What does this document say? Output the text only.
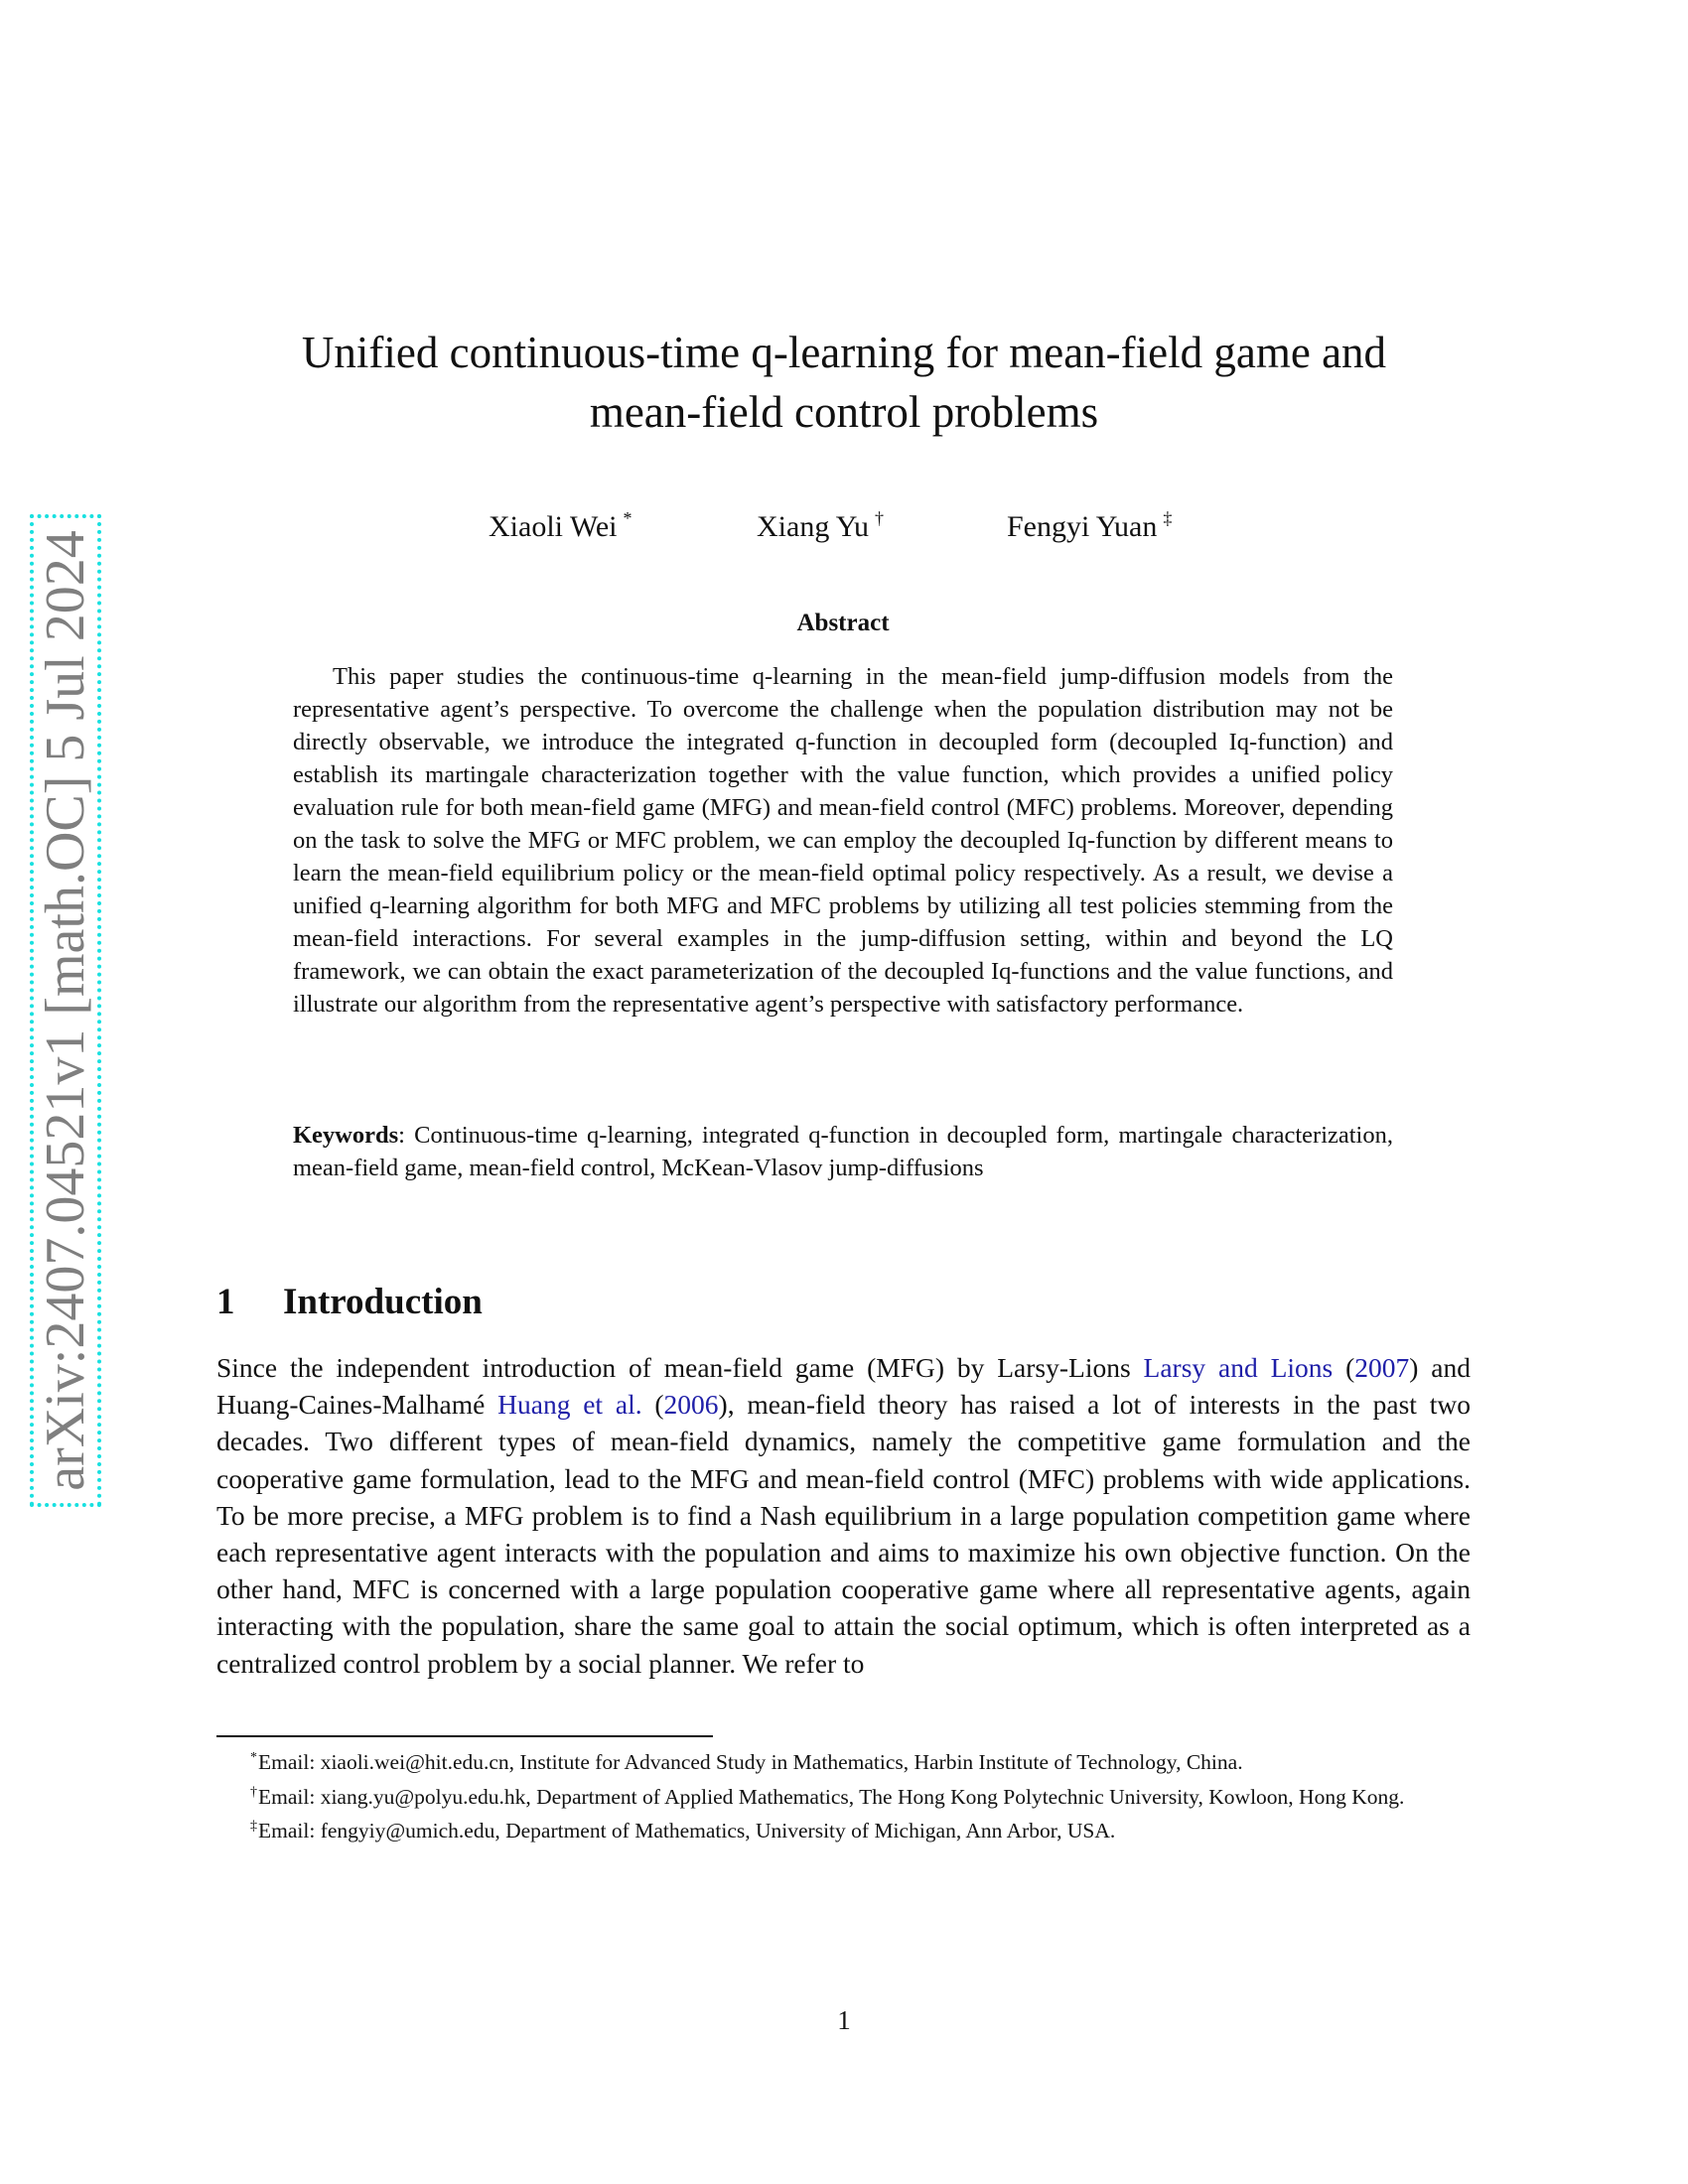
arXiv:2407.04521v1 [math.OC] 5 Jul 2024
Unified continuous-time q-learning for mean-field game and mean-field control problems
Xiaoli Wei *	Xiang Yu †	Fengyi Yuan ‡
Abstract

This paper studies the continuous-time q-learning in the mean-field jump-diffusion models from the representative agent’s perspective. To overcome the challenge when the population distribution may not be directly observable, we introduce the integrated q-function in decoupled form (decoupled Iq-function) and establish its martingale characterization together with the value function, which provides a unified policy evaluation rule for both mean-field game (MFG) and mean-field control (MFC) problems. Moreover, depending on the task to solve the MFG or MFC problem, we can employ the decoupled Iq-function by different means to learn the mean-field equilibrium policy or the mean-field optimal policy respectively. As a result, we devise a unified q-learning algorithm for both MFG and MFC problems by utilizing all test policies stemming from the mean-field interactions. For several examples in the jump-diffusion setting, within and beyond the LQ framework, we can obtain the exact parameterization of the decoupled Iq-functions and the value functions, and illustrate our algorithm from the representative agent’s perspective with satisfactory performance.

Keywords: Continuous-time q-learning, integrated q-function in decoupled form, martingale characterization, mean-field game, mean-field control, McKean-Vlasov jump-diffusions

1 Introduction

Since the independent introduction of mean-field game (MFG) by Larsy-Lions Larsy and Lions (2007) and Huang-Caines-Malhamé Huang et al. (2006), mean-field theory has raised a lot of interests in the past two decades. Two different types of mean-field dynamics, namely the competitive game formulation and the cooperative game formulation, lead to the MFG and mean-field control (MFC) problems with wide applications. To be more precise, a MFG problem is to find a Nash equilibrium in a large population competition game where each representative agent interacts with the population and aims to maximize his own objective function. On the other hand, MFC is concerned with a large population cooperative game where all representative agents, again interacting with the population, share the same goal to attain the social optimum, which is often interpreted as a centralized control problem by a social planner. We refer to

*Email: xiaoli.wei@hit.edu.cn, Institute for Advanced Study in Mathematics, Harbin Institute of Technology, China.

†Email: xiang.yu@polyu.edu.hk, Department of Applied Mathematics, The Hong Kong Polytechnic University, Kowloon, Hong Kong.

‡Email: fengyiy@umich.edu, Department of Mathematics, University of Michigan, Ann Arbor, USA.

1
